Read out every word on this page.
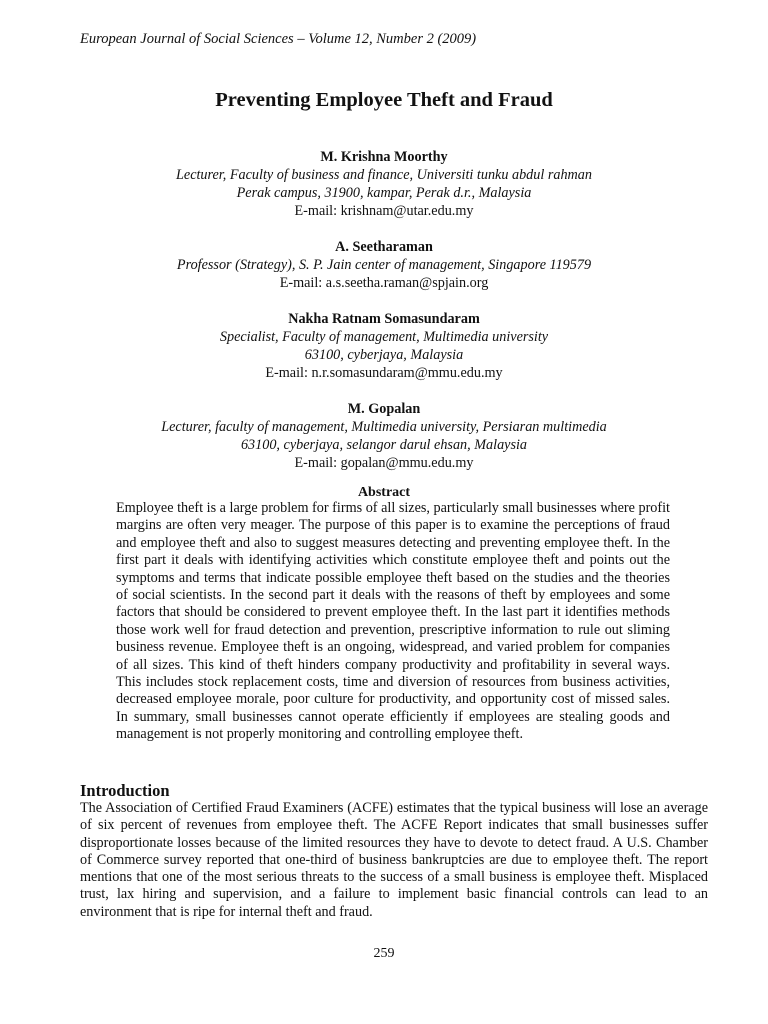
European Journal of Social Sciences – Volume 12, Number 2 (2009)
Preventing Employee Theft and Fraud
M. Krishna Moorthy
Lecturer, Faculty of business and finance, Universiti tunku abdul rahman
Perak campus, 31900, kampar, Perak d.r., Malaysia
E-mail: krishnam@utar.edu.my
A. Seetharaman
Professor (Strategy), S. P. Jain center of management, Singapore 119579
E-mail: a.s.seetha.raman@spjain.org
Nakha Ratnam Somasundaram
Specialist, Faculty of management, Multimedia university
63100, cyberjaya, Malaysia
E-mail: n.r.somasundaram@mmu.edu.my
M. Gopalan
Lecturer, faculty of management, Multimedia university, Persiaran multimedia
63100, cyberjaya, selangor darul ehsan, Malaysia
E-mail: gopalan@mmu.edu.my
Abstract

Employee theft is a large problem for firms of all sizes, particularly small businesses where profit margins are often very meager. The purpose of this paper is to examine the perceptions of fraud and employee theft and also to suggest measures detecting and preventing employee theft. In the first part it deals with identifying activities which constitute employee theft and points out the symptoms and terms that indicate possible employee theft based on the studies and the theories of social scientists. In the second part it deals with the reasons of theft by employees and some factors that should be considered to prevent employee theft. In the last part it identifies methods those work well for fraud detection and prevention, prescriptive information to rule out sliming business revenue. Employee theft is an ongoing, widespread, and varied problem for companies of all sizes. This kind of theft hinders company productivity and profitability in several ways. This includes stock replacement costs, time and diversion of resources from business activities, decreased employee morale, poor culture for productivity, and opportunity cost of missed sales. In summary, small businesses cannot operate efficiently if employees are stealing goods and management is not properly monitoring and controlling employee theft.

Introduction

The Association of Certified Fraud Examiners (ACFE) estimates that the typical business will lose an average of six percent of revenues from employee theft. The ACFE Report indicates that small businesses suffer disproportionate losses because of the limited resources they have to devote to detect fraud. A U.S. Chamber of Commerce survey reported that one-third of business bankruptcies are due to employee theft. The report mentions that one of the most serious threats to the success of a small business is employee theft. Misplaced trust, lax hiring and supervision, and a failure to implement basic financial controls can lead to an environment that is ripe for internal theft and fraud.

259
